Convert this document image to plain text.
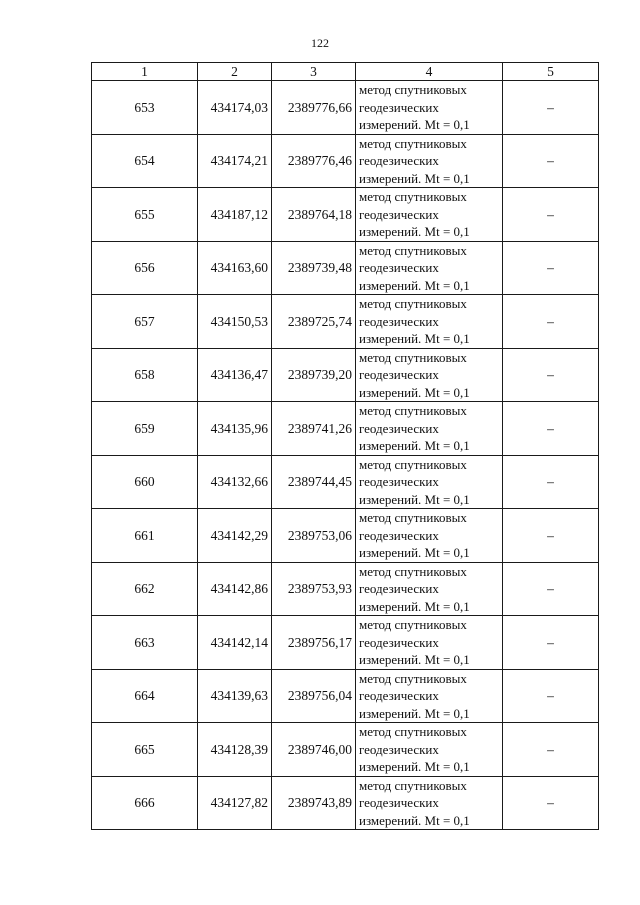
122
1	2	3	4	5
653	434174,03	2389776,66	метод спутниковых
геодезических
измерений. Mt = 0,1	–
654	434174,21	2389776,46	метод спутниковых
геодезических
измерений. Mt = 0,1	–
655	434187,12	2389764,18	метод спутниковых
геодезических
измерений. Mt = 0,1	–
656	434163,60	2389739,48	метод спутниковых
геодезических
измерений. Mt = 0,1	–
657	434150,53	2389725,74	метод спутниковых
геодезических
измерений. Mt = 0,1	–
658	434136,47	2389739,20	метод спутниковых
геодезических
измерений. Mt = 0,1	–
659	434135,96	2389741,26	метод спутниковых
геодезических
измерений. Mt = 0,1	–
660	434132,66	2389744,45	метод спутниковых
геодезических
измерений. Mt = 0,1	–
661	434142,29	2389753,06	метод спутниковых
геодезических
измерений. Mt = 0,1	–
662	434142,86	2389753,93	метод спутниковых
геодезических
измерений. Mt = 0,1	–
663	434142,14	2389756,17	метод спутниковых
геодезических
измерений. Mt = 0,1	–
664	434139,63	2389756,04	метод спутниковых
геодезических
измерений. Mt = 0,1	–
665	434128,39	2389746,00	метод спутниковых
геодезических
измерений. Mt = 0,1	–
666	434127,82	2389743,89	метод спутниковых
геодезических
измерений. Mt = 0,1	–
